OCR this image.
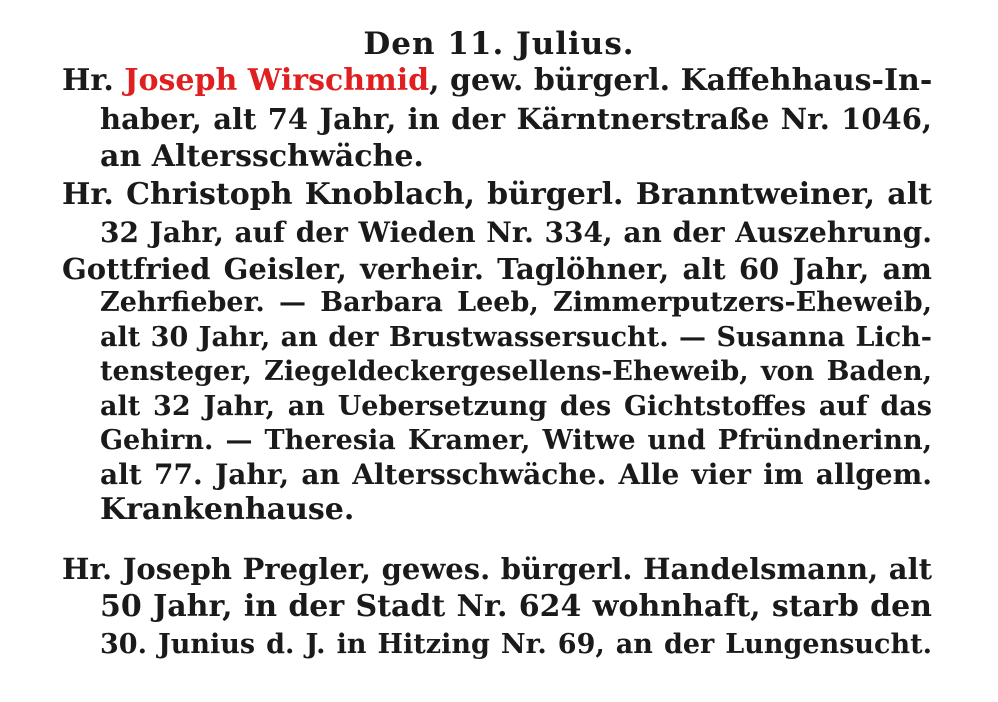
Den 11. Julius.
Hr. Joseph Wirschmid, gew. bürgerl. Kaffehhaus-In-
haber, alt 74 Jahr, in der Kärntnerstraße Nr. 1046,
an Altersschwäche.
Hr. Christoph Knoblach, bürgerl. Branntweiner, alt
32 Jahr, auf der Wieden Nr. 334, an der Auszehrung.
Gottfried Geisler, verheir. Taglöhner, alt 60 Jahr, am
Zehrfieber. — Barbara Leeb, Zimmerputzers-Eheweib,
alt 30 Jahr, an der Brustwassersucht. — Susanna Lich-
tensteger, Ziegeldeckergesellens-Eheweib, von Baden,
alt 32 Jahr, an Uebersetzung des Gichtstoffes auf das
Gehirn. — Theresia Kramer, Witwe und Pfründnerinn,
alt 77. Jahr, an Altersschwäche. Alle vier im allgem.
Krankenhause.
Hr. Joseph Pregler, gewes. bürgerl. Handelsmann, alt
50 Jahr, in der Stadt Nr. 624 wohnhaft, starb den
30. Junius d. J. in Hitzing Nr. 69, an der Lungensucht.
